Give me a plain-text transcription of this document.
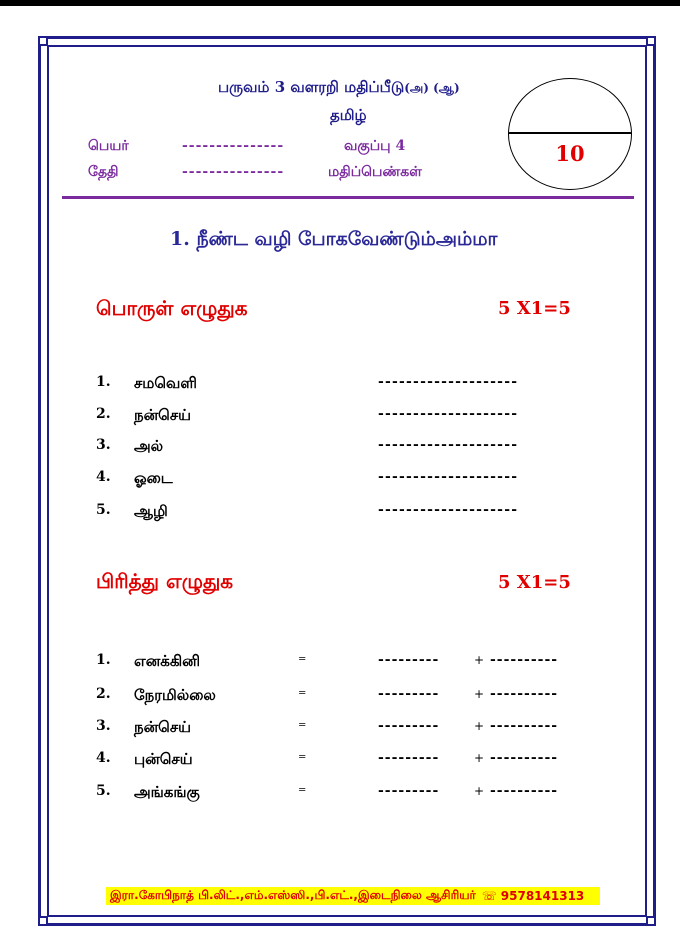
பருவம் 3 வளரறி மதிப்பீடு(அ) (ஆ)
தமிழ்
பெயர்	---------------	வகுப்பு 4
தேதி	---------------	மதிப்பெண்கள்
10
1. நீண்ட வழி போகவேண்டும்அம்மா
பொருள் எழுதுக	5 X1=5
1. சமவெளி	--------------------
2. நன்செய்	--------------------
3. அல்	--------------------
4. ஓடை	--------------------
5. ஆழி	--------------------
பிரித்து எழுதுக	5 X1=5
1. எனக்கினி	=	---------	+ ----------
2. நேரமில்லை	=	---------	+ ----------
3. நன்செய்	=	---------	+ ----------
4. புன்செய்	=	---------	+ ----------
5. அங்கங்கு	=	---------	+ ----------
இரா.கோபிநாத் பி.லிட்.,எம்.எஸ்ஸி.,பி.எட்.,இடைநிலை ஆசிரியர் ☏ 9578141313
